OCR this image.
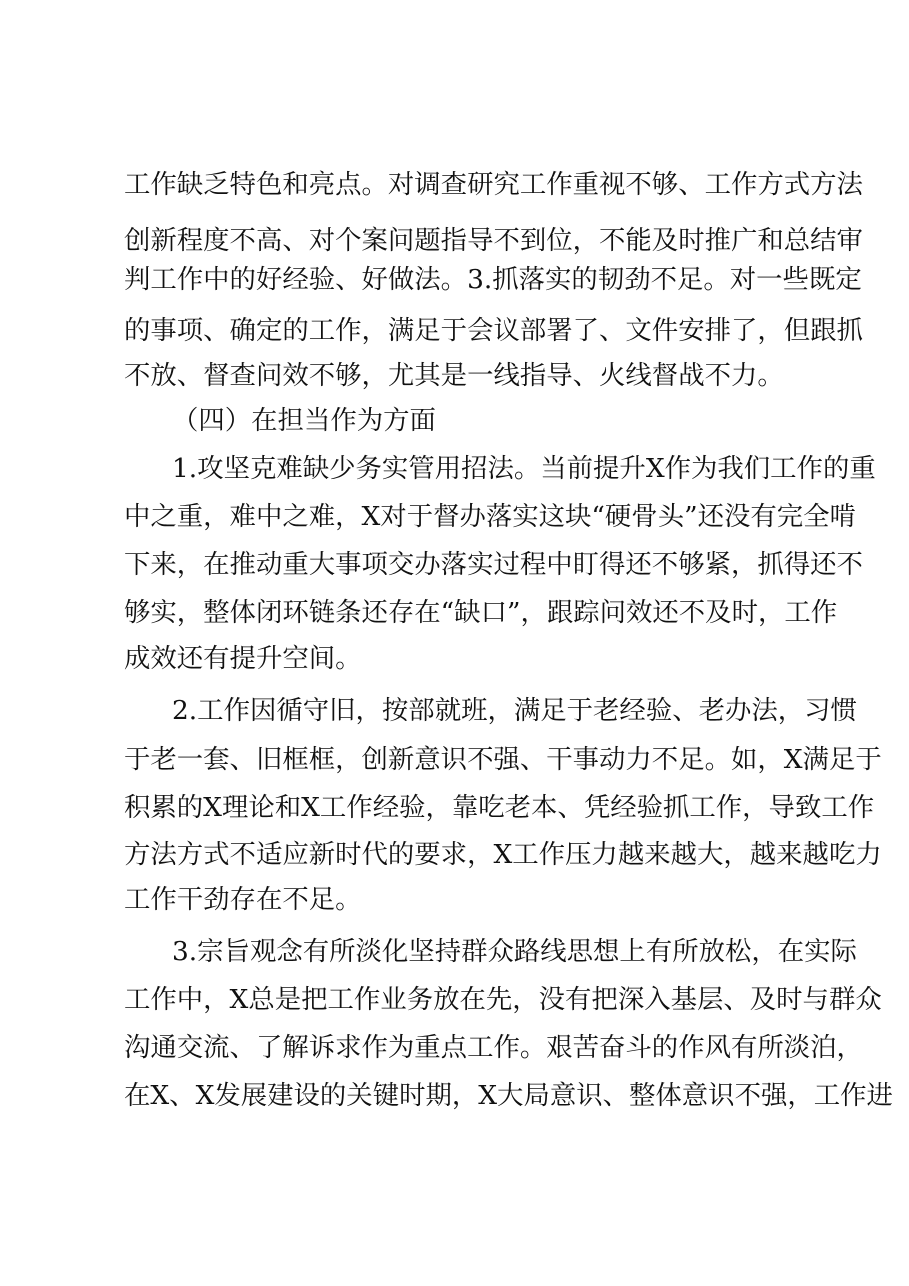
工作缺乏特色和亮点。对调查研究工作重视不够、工作方式方法
创新程度不高、对个案问题指导不到位，不能及时推广和总结审
判工作中的好经验、好做法。3.抓落实的韧劲不足。对一些既定
的事项、确定的工作，满足于会议部署了、文件安排了，但跟抓
不放、督查问效不够，尤其是一线指导、火线督战不力。
（四）在担当作为方面
1.攻坚克难缺少务实管用招法。当前提升X作为我们工作的重
中之重，难中之难，X对于督办落实这块“硬骨头”还没有完全啃
下来，在推动重大事项交办落实过程中盯得还不够紧，抓得还不
够实，整体闭环链条还存在“缺口”，跟踪问效还不及时，工作
成效还有提升空间。
2.工作因循守旧，按部就班，满足于老经验、老办法，习惯
于老一套、旧框框，创新意识不强、干事动力不足。如，X满足于
积累的X理论和X工作经验，靠吃老本、凭经验抓工作，导致工作
方法方式不适应新时代的要求，X工作压力越来越大，越来越吃力
工作干劲存在不足。
3.宗旨观念有所淡化坚持群众路线思想上有所放松，在实际
工作中，X总是把工作业务放在先，没有把深入基层、及时与群众
沟通交流、了解诉求作为重点工作。艰苦奋斗的作风有所淡泊，
在X、X发展建设的关键时期，X大局意识、整体意识不强，工作进
